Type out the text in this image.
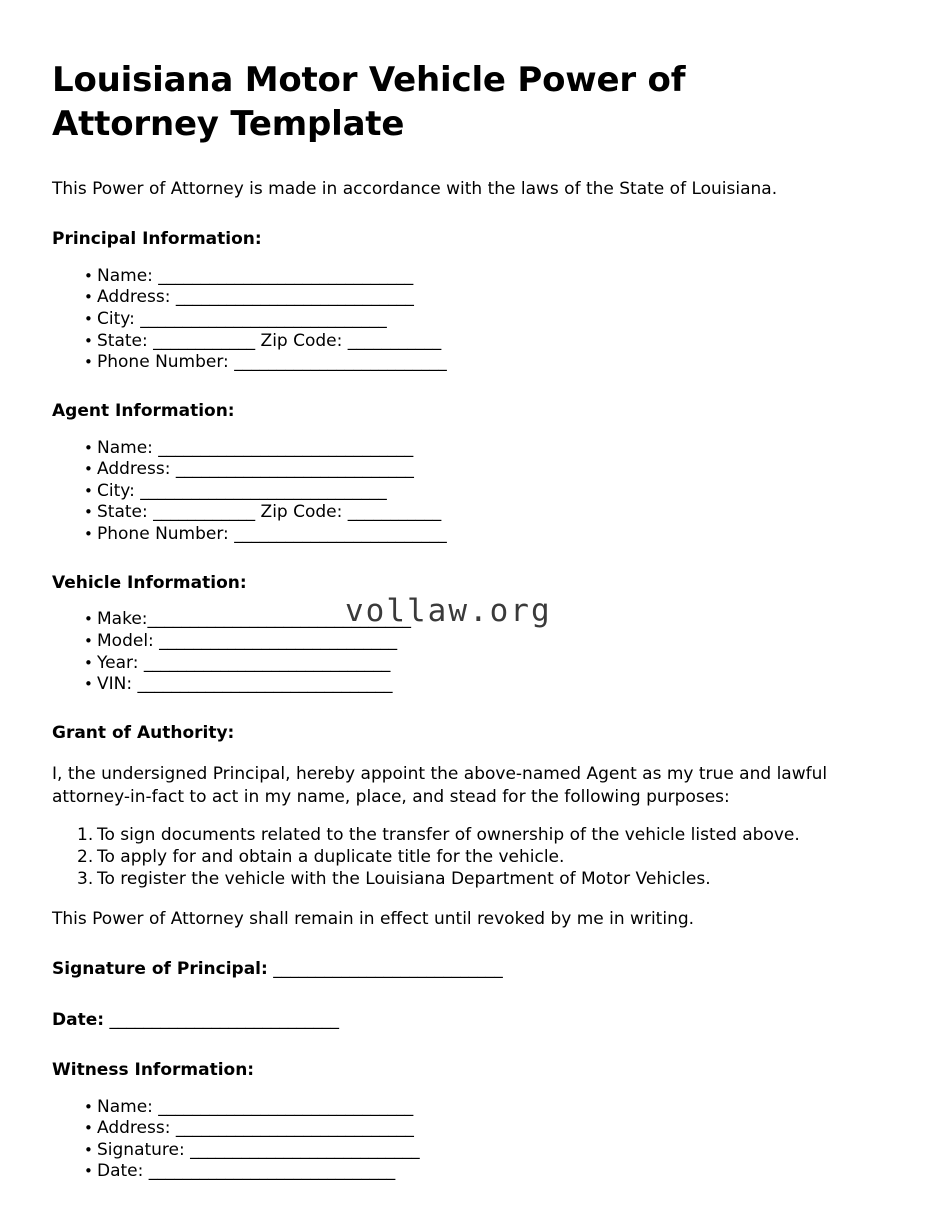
vollaw.org
Louisiana Motor Vehicle Power of Attorney Template

This Power of Attorney is made in accordance with the laws of the State of Louisiana.

Principal Information:
• Name: ______________________________
• Address: ____________________________
• City: _____________________________
• State: ____________ Zip Code: ___________
• Phone Number: _________________________
Agent Information:
• Name: ______________________________
• Address: ____________________________
• City: _____________________________
• State: ____________ Zip Code: ___________
• Phone Number: _________________________
Vehicle Information:
• Make:_______________________________
• Model: ____________________________
• Year: _____________________________
• VIN: ______________________________
Grant of Authority:

I, the undersigned Principal, hereby appoint the above-named Agent as my true and lawful attorney-in-fact to act in my name, place, and stead for the following purposes:

To sign documents related to the transfer of ownership of the vehicle listed above.
To apply for and obtain a duplicate title for the vehicle.
To register the vehicle with the Louisiana Department of Motor Vehicles.

This Power of Attorney shall remain in effect until revoked by me in writing.

Signature of Principal: ___________________________

Date: ___________________________

Witness Information:
• Name: ______________________________
• Address: ____________________________
• Signature: ___________________________
• Date: _____________________________
